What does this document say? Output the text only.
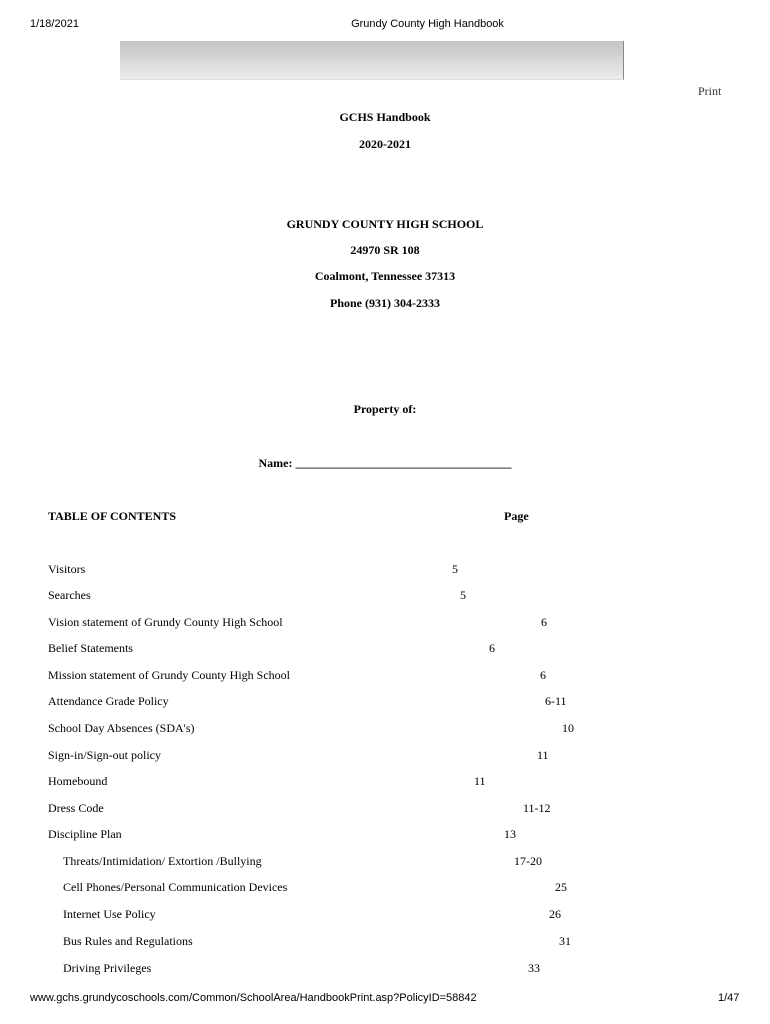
1/18/2021	Grundy County High Handbook
Print
GCHS Handbook
2020-2021
GRUNDY COUNTY HIGH SCHOOL
24970 SR 108
Coalmont, Tennessee 37313
Phone (931) 304-2333
Property of:
Name: ____________________________________
TABLE OF CONTENTS	Page
Visitors	5
Searches	5
Vision statement of Grundy County High School	6
Belief Statements	6
Mission statement of Grundy County High School	6
Attendance Grade Policy	6-11
School Day Absences (SDA's)	10
Sign-in/Sign-out policy	11
Homebound	11
Dress Code	11-12
Discipline Plan	13
Threats/Intimidation/ Extortion /Bullying	17-20
Cell Phones/Personal Communication Devices	25
Internet Use Policy	26
Bus Rules and Regulations	31
Driving Privileges	33
www.gchs.grundycoschools.com/Common/SchoolArea/HandbookPrint.asp?PolicyID=58842	1/47
